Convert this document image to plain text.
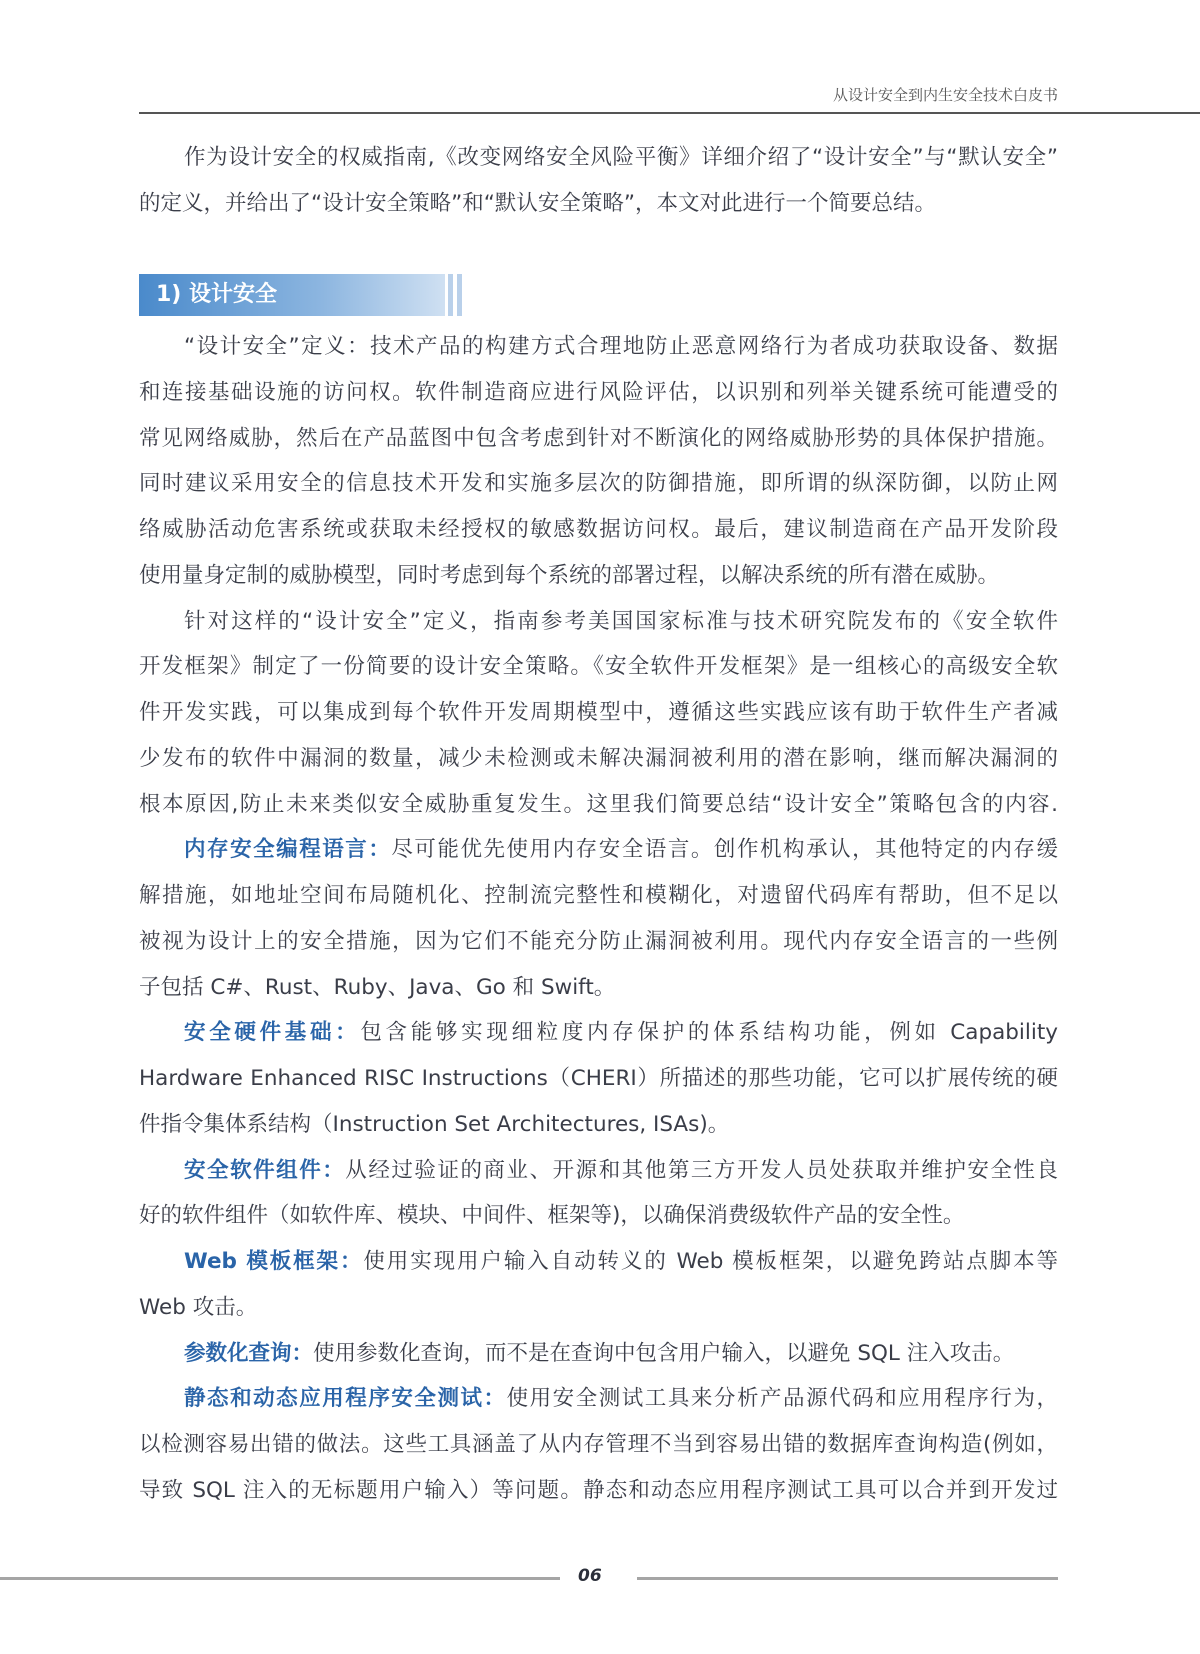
从设计安全到内生安全技术白皮书
作为设计安全的权威指南,《改变网络安全风险平衡》详细介绍了“设计安全”与“默认安全”
的定义，并给出了“设计安全策略”和“默认安全策略”，本文对此进行一个简要总结。
1) 设计安全
“设计安全”定义：技术产品的构建方式合理地防止恶意网络行为者成功获取设备、数据
和连接基础设施的访问权。软件制造商应进行风险评估，以识别和列举关键系统可能遭受的
常见网络威胁，然后在产品蓝图中包含考虑到针对不断演化的网络威胁形势的具体保护措施。
同时建议采用安全的信息技术开发和实施多层次的防御措施，即所谓的纵深防御，以防止网
络威胁活动危害系统或获取未经授权的敏感数据访问权。最后，建议制造商在产品开发阶段
使用量身定制的威胁模型，同时考虑到每个系统的部署过程，以解决系统的所有潜在威胁。
针对这样的“设计安全”定义，指南参考美国国家标准与技术研究院发布的《安全软件
开发框架》制定了一份简要的设计安全策略。《安全软件开发框架》是一组核心的高级安全软
件开发实践，可以集成到每个软件开发周期模型中，遵循这些实践应该有助于软件生产者减
少发布的软件中漏洞的数量，减少未检测或未解决漏洞被利用的潜在影响，继而解决漏洞的
根本原因,防止未来类似安全威胁重复发生。这里我们简要总结“设计安全”策略包含的内容.
内存安全编程语言：尽可能优先使用内存安全语言。创作机构承认，其他特定的内存缓
解措施，如地址空间布局随机化、控制流完整性和模糊化，对遗留代码库有帮助，但不足以
被视为设计上的安全措施，因为它们不能充分防止漏洞被利用。现代内存安全语言的一些例
子包括 C#、Rust、Ruby、Java、Go 和 Swift。
安全硬件基础：包含能够实现细粒度内存保护的体系结构功能，例如 Capability
Hardware Enhanced RISC Instructions（CHERI）所描述的那些功能，它可以扩展传统的硬
件指令集体系结构（Instruction Set Architectures, ISAs)。
安全软件组件：从经过验证的商业、开源和其他第三方开发人员处获取并维护安全性良
好的软件组件（如软件库、模块、中间件、框架等)，以确保消费级软件产品的安全性。
Web 模板框架：使用实现用户输入自动转义的 Web 模板框架，以避免跨站点脚本等
Web 攻击。
参数化查询：使用参数化查询，而不是在查询中包含用户输入，以避免 SQL 注入攻击。
静态和动态应用程序安全测试：使用安全测试工具来分析产品源代码和应用程序行为，
以检测容易出错的做法。这些工具涵盖了从内存管理不当到容易出错的数据库查询构造(例如，
导致 SQL 注入的无标题用户输入）等问题。静态和动态应用程序测试工具可以合并到开发过
06
